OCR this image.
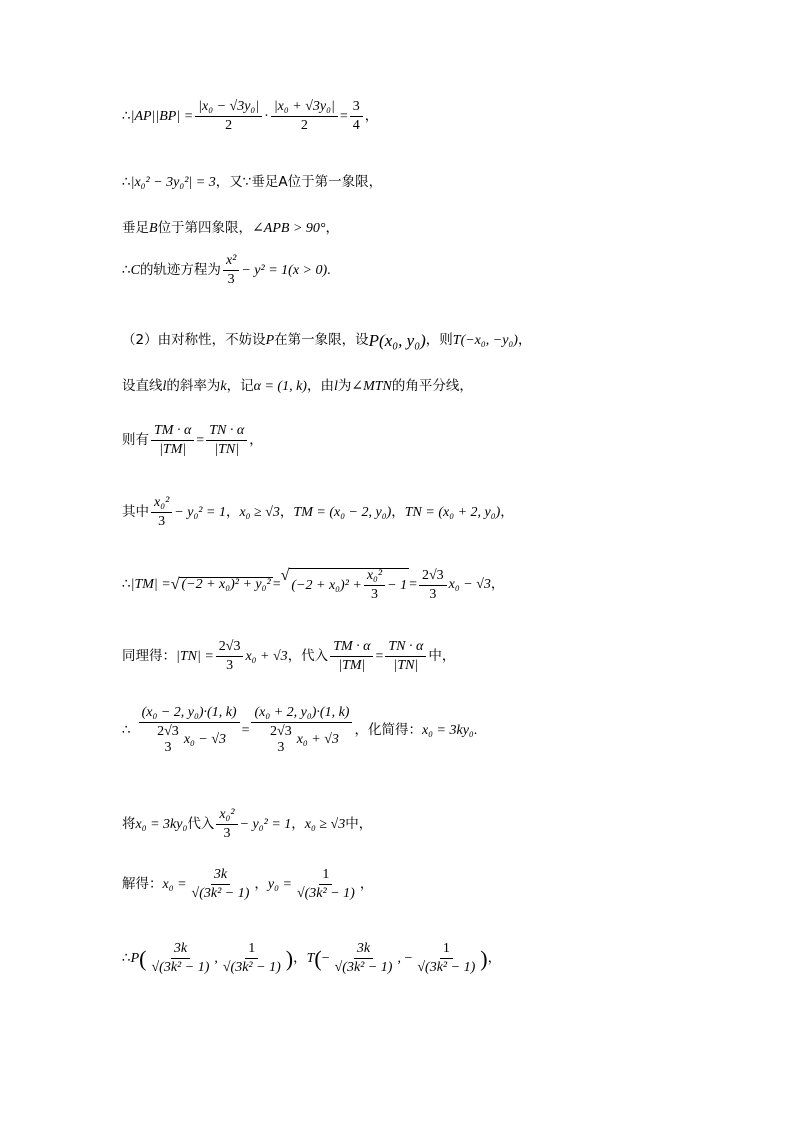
∴ $|AP||BP| = \frac{\text{|x₀ − √3y₀|}}{2} \cdot \frac{\text{|x₀ + √3y₀|}}{2} = \frac{3}{4}$ ，
∴ |x₀² − 3y₀²| = 3 ，又∵垂足A位于第一象限，
垂足 B 位于第四象限， ∠APB > 90° ，
∴ C 的轨迹方程为 $\frac{\text{x²}}{3} - y^2 = 1(x > 0)$ .
（2）由对称性，不妨设 P 在第一象限，设 P(x₀, y₀) ，则 T(−x₀, −y₀) ，
设直线 l 的斜率为 k ，记 α = (1, k) ，由 l 为 ∠MTN 的角平分线，
则有 $\frac{TM \cdot \alpha}{|TM|} = \frac{TN \cdot \alpha}{|TN|}$ ，
其中 $\frac{\text{x₀²}}{3} - y_0^2 = 1$ ， x₀ ≥ √3 ， TM = (x₀ − 2, y₀) ， TN = (x₀ + 2, y₀) ，
∴ |TM| = √ (−2 + x₀)² + y₀² =
√
$(-2 + x_0)^2 + \frac{\text{x₀²}}{3} - 1 = \frac{2√3}{3} x_0 - √3$ ，
同理得： $|TN| = \frac{2√3}{3} x_0 + √3$ ，代入 $\frac{TM \cdot \alpha}{|TM|} = \frac{TN \cdot \alpha}{|TN|}$ 中，
∴ (x₀ − 2, y₀)·(1, k)
2√3
3
x₀ − √3 = (x₀ + 2, y₀)·(1, k)
2√3
3
x₀ + √3 ，化简得： x₀ = 3ky₀ .
将 x₀ = 3ky₀ 代入 $\frac{\text{x₀²}}{3} - y_0^2 = 1$ ， x₀ ≥ √3 中，
解得： $x_0 = \frac{3k}{\text{√(3k² − 1)}}$ ， $y_0 = \frac{1}{\text{√(3k² − 1)}}$ ，
∴ P ( $\frac{3k}{\text{√(3k² − 1)}}$ , $\frac{1}{\text{√(3k² − 1)}}$ ) ， T ( − $\frac{3k}{\text{√(3k² − 1)}}$ , − $\frac{1}{\text{√(3k² − 1)}}$ ) ，
